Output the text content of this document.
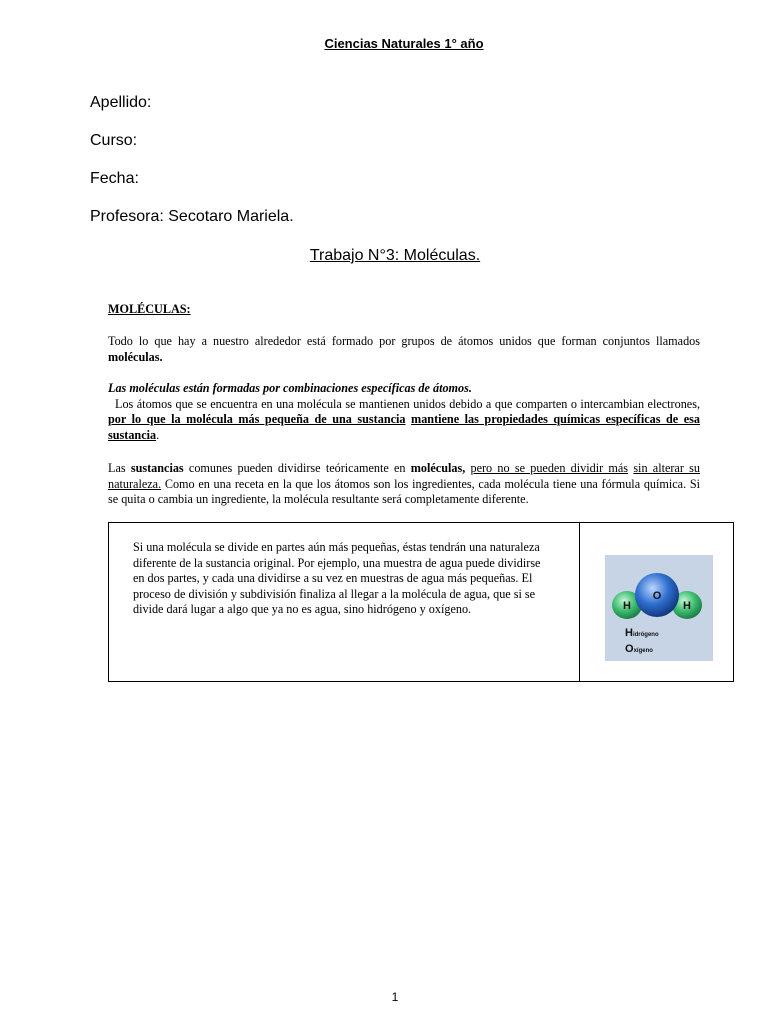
Ciencias Naturales 1° año
Apellido:
Curso:
Fecha:
Profesora: Secotaro Mariela.
Trabajo N°3: Moléculas.
MOLÉCULAS:
Todo lo que hay a nuestro alrededor está formado por grupos de átomos unidos que forman conjuntos llamados moléculas.
Las moléculas están formadas por combinaciones específicas de átomos.
Los átomos que se encuentra en una molécula se mantienen unidos debido a que comparten o intercambian electrones, por lo que la molécula más pequeña de una sustancia mantiene las propiedades químicas específicas de esa sustancia.
Las sustancias comunes pueden dividirse teóricamente en moléculas, pero no se pueden dividir más sin alterar su naturaleza. Como en una receta en la que los átomos son los ingredientes, cada molécula tiene una fórmula química. Si se quita o cambia un ingrediente, la molécula resultante será completamente diferente.
Si una molécula se divide en partes aún más pequeñas, éstas tendrán una naturaleza diferente de la sustancia original. Por ejemplo, una muestra de agua puede dividirse en dos partes, y cada una dividirse a su vez en muestras de agua más pequeñas. El proceso de división y subdivisión finaliza al llegar a la molécula de agua, que si se divide dará lugar a algo que ya no es agua, sino hidrógeno y oxígeno.	H
O
H
Hidrógeno
Oxígeno
1
